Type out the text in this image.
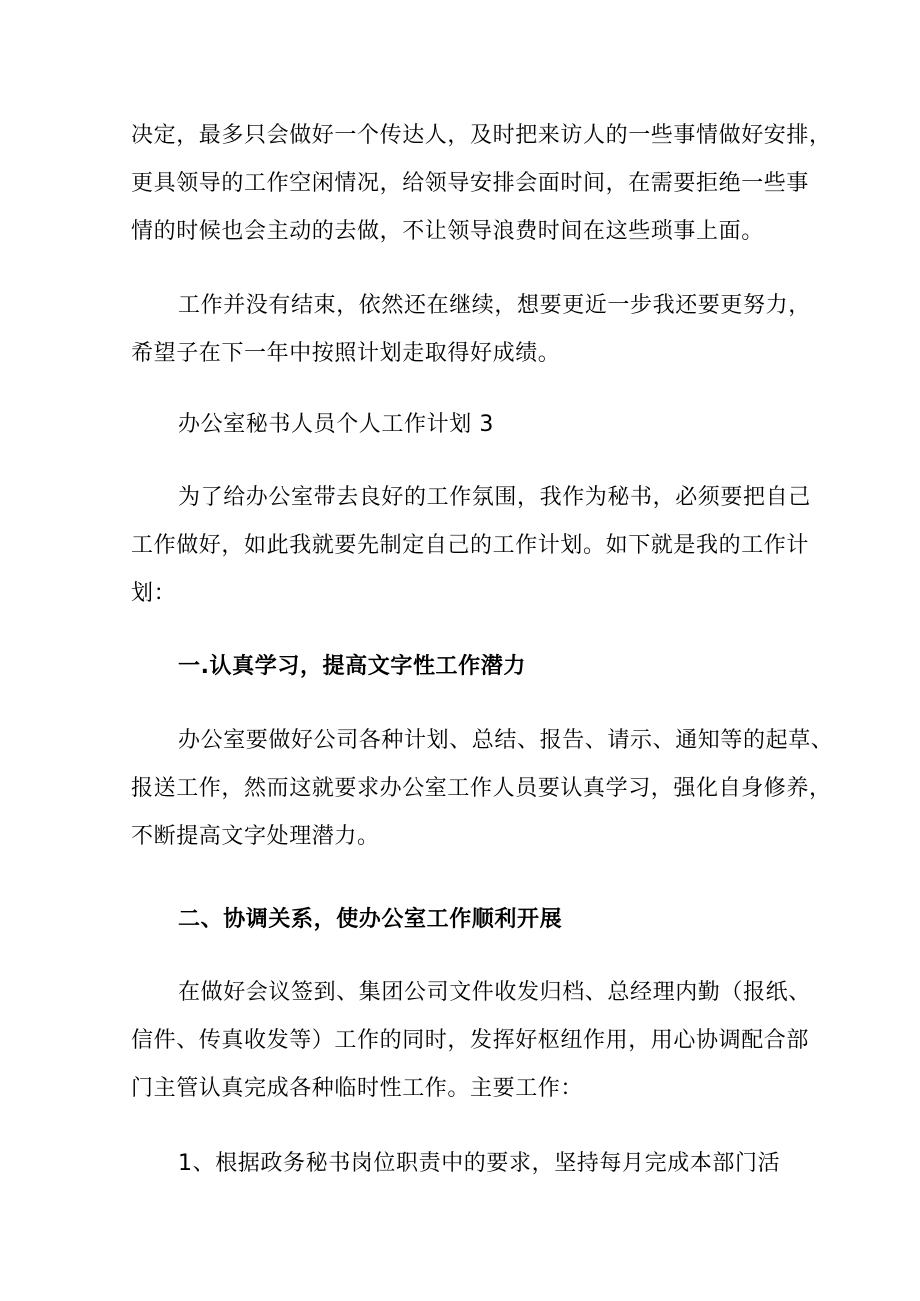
决定，最多只会做好一个传达人，及时把来访人的一些事情做好安排，
更具领导的工作空闲情况，给领导安排会面时间，在需要拒绝一些事
情的时候也会主动的去做，不让领导浪费时间在这些琐事上面。
工作并没有结束，依然还在继续，想要更近一步我还要更努力，
希望子在下一年中按照计划走取得好成绩。
办公室秘书人员个人工作计划 3
为了给办公室带去良好的工作氛围，我作为秘书，必须要把自己
工作做好，如此我就要先制定自己的工作计划。如下就是我的工作计
划：
一.认真学习，提高文字性工作潜力
办公室要做好公司各种计划、总结、报告、请示、通知等的起草、
报送工作，然而这就要求办公室工作人员要认真学习，强化自身修养，
不断提高文字处理潜力。
二、协调关系，使办公室工作顺利开展
在做好会议签到、集团公司文件收发归档、总经理内勤（报纸、
信件、传真收发等）工作的同时，发挥好枢纽作用，用心协调配合部
门主管认真完成各种临时性工作。主要工作：
1、根据政务秘书岗位职责中的要求，坚持每月完成本部门活
